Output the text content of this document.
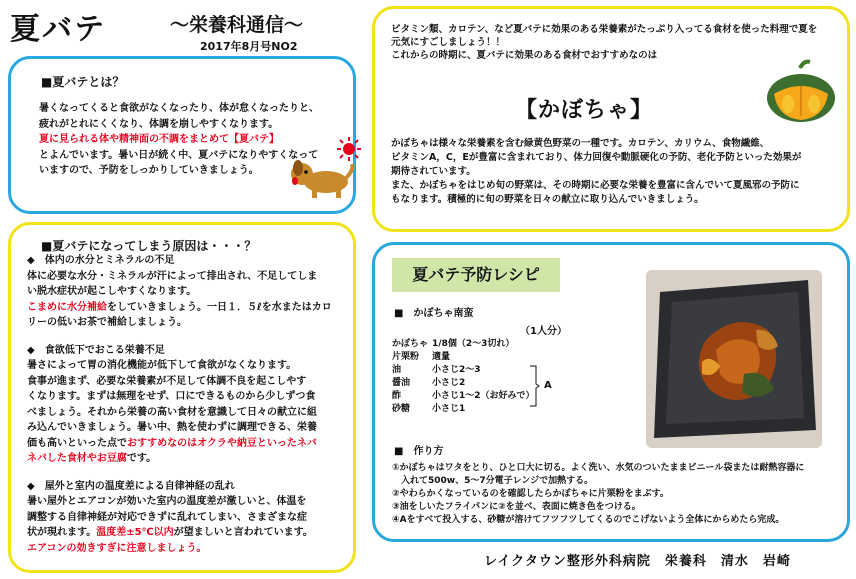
夏バテ	～栄養科通信～
2017年8月号NO2
■夏バテとは？
暑くなってくると食欲がなくなったり、体が怠くなったりと、
疲れがとれにくくなり、体調を崩しやすくなります。
夏に見られる体や精神面の不調をまとめて【夏バテ】
とよんでいます。暑い日が続く中、夏バテになりやすくなって
いますので、予防をしっかりしていきましょう。
■夏バテになってしまう原因は・・・？
◆　体内の水分とミネラルの不足
体に必要な水分・ミネラルが汗によって排出され、不足してしま
い脱水症状が起こしやすくなります。
こまめに水分補給をしていきましょう。一日１．５ℓを水またはカロ
リーの低いお茶で補給しましょう。
◆　食欲低下でおこる栄養不足
暑さによって胃の消化機能が低下して食欲がなくなります。
食事が進まず、必要な栄養素が不足して体調不良を起こしやす
くなります。まずは無理をせず、口にできるものから少しずつ食
べましょう。それから栄養の高い食材を意識して日々の献立に組
み込んでいきましょう。暑い中、熱を使わずに調理できる、栄養
価も高いといった点でおすすめなのはオクラや納豆といったネバ
ネバした食材やお豆腐です。
◆　屋外と室内の温度差による自律神経の乱れ
暑い屋外とエアコンが効いた室内の温度差が激しいと、体温を
調整する自律神経が対応できずに乱れてしまい、さまざまな症
状が現れます。温度差±5℃以内が望ましいと言われています。
エアコンの効きすぎに注意しましょう。
ビタミン類、カロテン、など夏バテに効果のある栄養素がたっぷり入ってる食材を使った料理で夏を
元気にすごしましょう！！
これからの時期に、夏バテに効果のある食材でおすすめなのは
【かぼちゃ】
かぼちゃは様々な栄養素を含む緑黄色野菜の一種です。カロテン、カリウム、食物繊維、
ビタミンA，C，Eが豊富に含まれており、体力回復や動脈硬化の予防、老化予防といった効果が
期待されています。
また、かぼちゃをはじめ旬の野菜は、その時期に必要な栄養を豊富に含んでいて夏風邪の予防に
もなります。積極的に旬の野菜を日々の献立に取り込んでいきましょう。
夏バテ予防レシピ
■　かぼちゃ南蛮
（1人分）
かぼちゃ	1/8個（2～3切れ）
片栗粉	適量
油	小さじ2～3
醤油	小さじ2
酢	小さじ1～2（お好みで）
砂糖	小さじ1
A
■　作り方

①かぼちゃはワタをとり、ひと口大に切る。よく洗い、水気のついたままビニール袋または耐熱容器に

　入れて500w、5～7分電子レンジで加熱する。

②やわらかくなっているのを確認したらかぼちゃに片栗粉をまぶす。

③油をしいたフライパンに②を並べ、表面に焼き色をつける。

④Aをすべて投入する、砂糖が溶けてフツフツしてくるのでこげないよう全体にからめたら完成。

レイクタウン整形外科病院　栄養科　清水　岩崎
